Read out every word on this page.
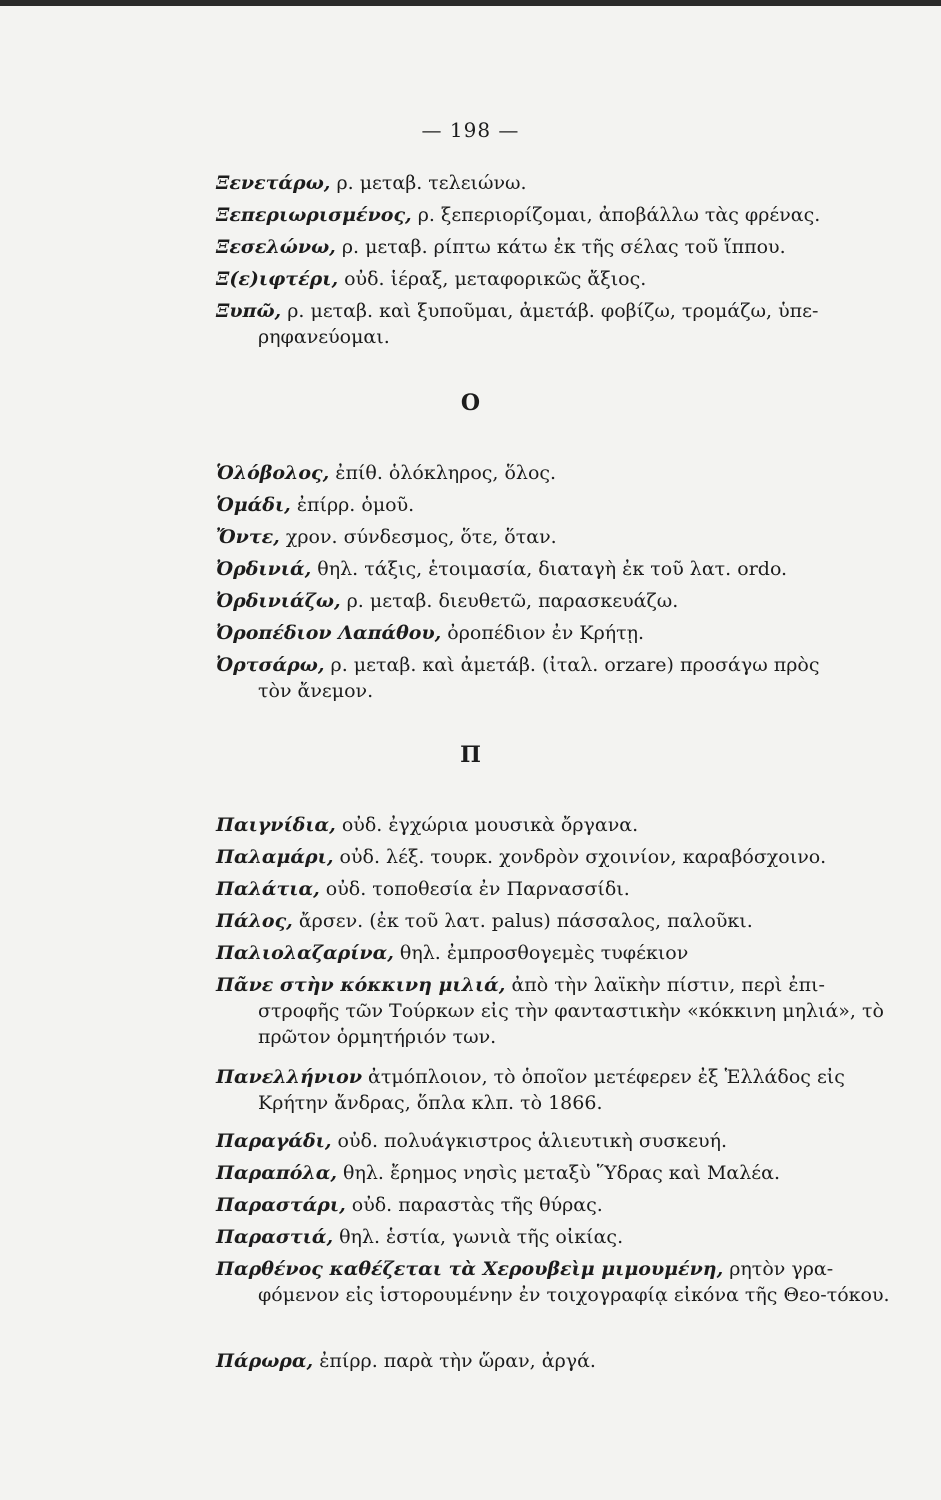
— 198 —
Ξενετάρω, ρ. μεταβ. τελειώνω.
Ξεπεριωρισμένος, ρ. ξεπεριορίζομαι, ἀποβάλλω τὰς φρένας.
Ξεσελώνω, ρ. μεταβ. ρίπτω κάτω ἐκ τῆς σέλας τοῦ ἵππου.
Ξ(ε)ιφτέρι, οὐδ. ἱέραξ, μεταφορικῶς ἄξιος.
Ξυπῶ, ρ. μεταβ. καὶ ξυποῦμαι, ἀμετάβ. φοβίζω, τρομάζω, ὑπε-
ρηφανεύομαι.
Ο
Ὁλόβολος, ἐπίθ. ὁλόκληρος, ὅλος.
Ὁμάδι, ἐπίρρ. ὁμοῦ.
Ὄντε, χρον. σύνδεσμος, ὅτε, ὅταν.
Ὀρδινιά, θηλ. τάξις, ἑτοιμασία, διαταγὴ ἐκ τοῦ λατ. ordo.
Ὀρδινιάζω, ρ. μεταβ. διευθετῶ, παρασκευάζω.
Ὀροπέδιον Λαπάθου, ὀροπέδιον ἐν Κρήτῃ.
Ὀρτσάρω, ρ. μεταβ. καὶ ἀμετάβ. (ἰταλ. orzare) προσάγω πρὸς
τὸν ἄνεμον.
Π
Παιγνίδια, οὐδ. ἐγχώρια μουσικὰ ὄργανα.
Παλαμάρι, οὐδ. λέξ. τουρκ. χονδρὸν σχοινίον, καραβόσχοινο.
Παλάτια, οὐδ. τοποθεσία ἐν Παρνασσίδι.
Πάλος, ἄρσεν. (ἐκ τοῦ λατ. palus) πάσσαλος, παλοῦκι.
Παλιολαζαρίνα, θηλ. ἐμπροσθογεμὲς τυφέκιον
Πᾶνε στὴν κόκκινη μιλιά, ἀπὸ τὴν λαϊκὴν πίστιν, περὶ ἐπι-
στροφῆς τῶν Τούρκων εἰς τὴν φανταστικὴν «κόκκινη μηλιά», τὸ πρῶτον ὁρμητήριόν των.
Πανελλήνιον ἀτμόπλοιον, τὸ ὁποῖον μετέφερεν ἐξ Ἑλλάδος εἰς
Κρήτην ἄνδρας, ὅπλα κλπ. τὸ 1866.
Παραγάδι, οὐδ. πολυάγκιστρος ἁλιευτικὴ συσκευή.
Παραπόλα, θηλ. ἔρημος νησὶς μεταξὺ Ὕδρας καὶ Μαλέα.
Παραστάρι, οὐδ. παραστὰς τῆς θύρας.
Παραστιά, θηλ. ἑστία, γωνιὰ τῆς οἰκίας.
Παρθένος καθέζεται τὰ Χερουβεὶμ μιμουμένη, ρητὸν γρα-
φόμενον εἰς ἱστορουμένην ἐν τοιχογραφίᾳ εἰκόνα τῆς Θεο-τόκου.
Πάρωρα, ἐπίρρ. παρὰ τὴν ὥραν, ἀργά.
